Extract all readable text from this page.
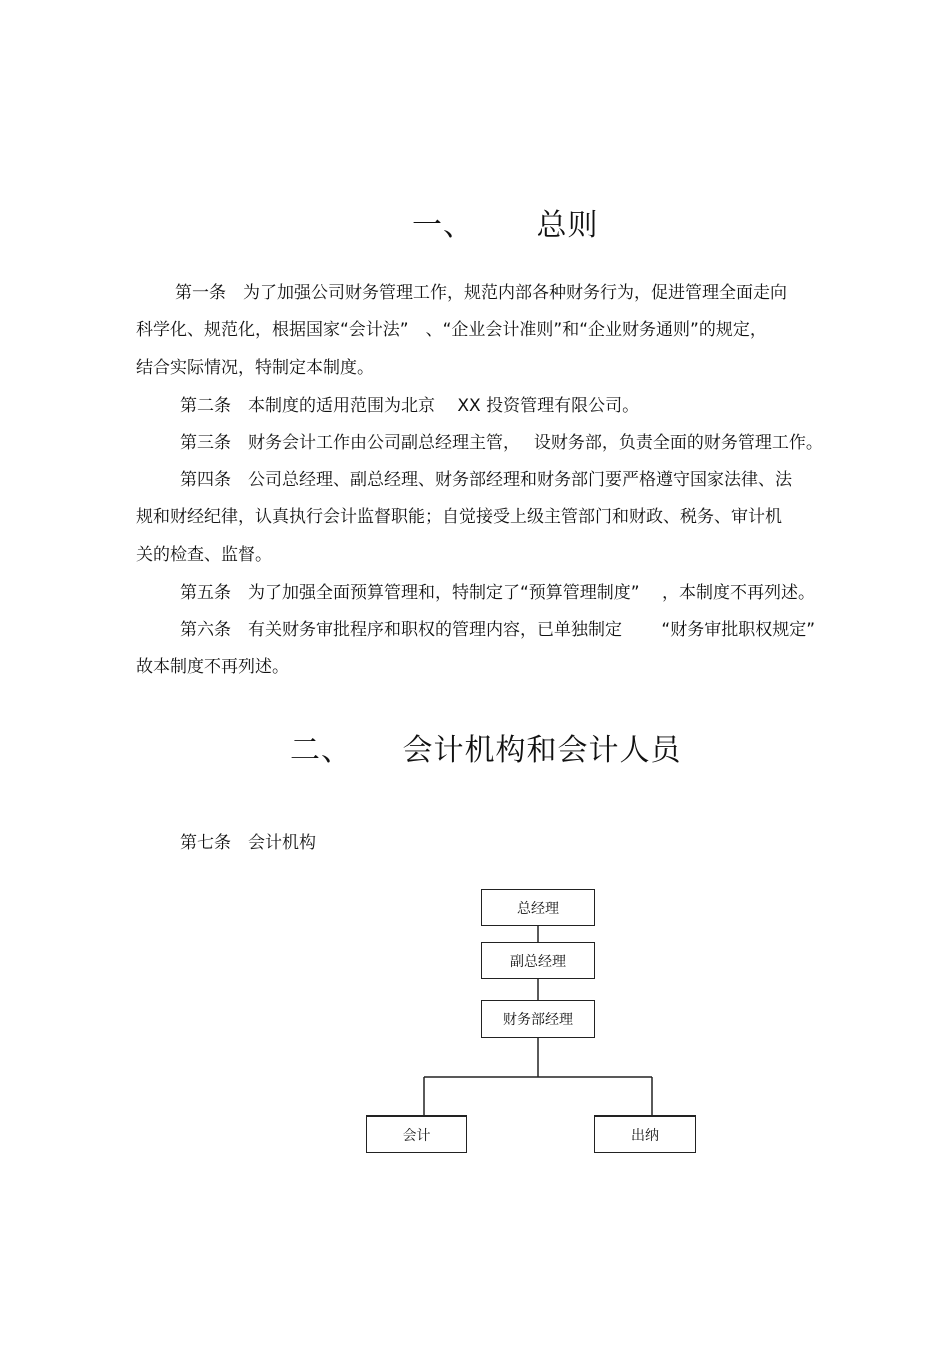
一、 总则
第一条　为了加强公司财务管理工作，规范内部各种财务行为，促进管理全面走向
科学化、规范化，根据国家“会计法”　、“企业会计准则”和“企业财务通则”的规定，
结合实际情况，特制定本制度。
第二条　本制度的适用范围为北京　 XX 投资管理有限公司。
第三条　财务会计工作由公司副总经理主管，　 设财务部，负责全面的财务管理工作。
第四条　公司总经理、副总经理、财务部经理和财务部门要严格遵守国家法律、法
规和财经纪律，认真执行会计监督职能；自觉接受上级主管部门和财政、税务、审计机
关的检查、监督。
第五条　为了加强全面预算管理和，特制定了“预算管理制度”　 ，本制度不再列述。
第六条　有关财务审批程序和职权的管理内容，已单独制定　　 “财务审批职权规定”
故本制度不再列述。
二、 会计机构和会计人员
第七条　会计机构
总经理
副总经理
财务部经理
会计	出纳
